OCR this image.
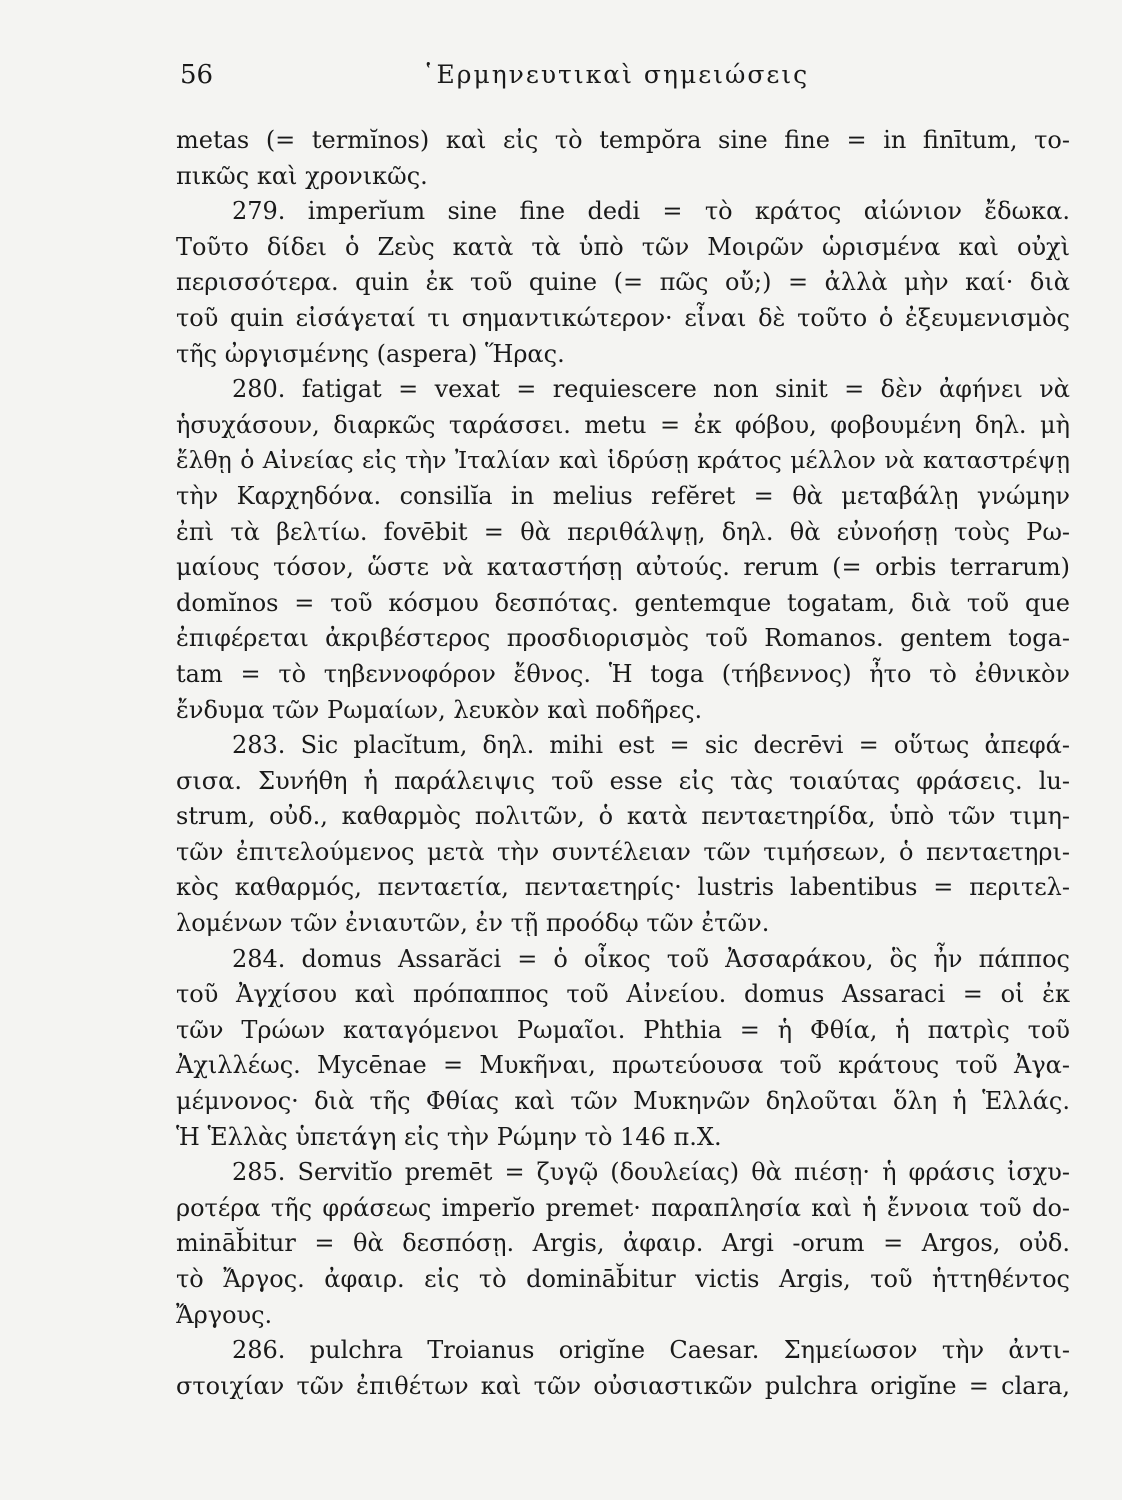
56	῾Ερμηνευτικαὶ σημειώσεις
metas (= termĭnos) καὶ εἰς τὸ tempŏra sine fine = in finītum, το-
πικῶς καὶ χρονικῶς.
279. imperĭum sine fine dedi = τὸ κράτος αἰώνιον ἔδωκα.
Τοῦτο δίδει ὁ Ζεὺς κατὰ τὰ ὑπὸ τῶν Μοιρῶν ὡρισμένα καὶ οὐχὶ
περισσότερα. quin ἐκ τοῦ quine (= πῶς οὔ;) = ἀλλὰ μὴν καί· διὰ
τοῦ quin εἰσάγεταί τι σημαντικώτερον· εἶναι δὲ τοῦτο ὁ ἐξευμενισμὸς
τῆς ὠργισμένης (aspera) Ἥρας.
280. fatigat = vexat = requiescere non sinit = δὲν ἀφήνει νὰ
ἡσυχάσουν, διαρκῶς ταράσσει. metu = ἐκ φόβου, φοβουμένη δηλ. μὴ
ἔλθῃ ὁ Αἰνείας εἰς τὴν Ἰταλίαν καὶ ἱδρύσῃ κράτος μέλλον νὰ καταστρέψῃ
τὴν Καρχηδόνα. consilĭa in melius refĕret = θὰ μεταβάλῃ γνώμην
ἐπὶ τὰ βελτίω. fovēbit = θὰ περιθάλψῃ, δηλ. θὰ εὐνοήσῃ τοὺς Ρω-
μαίους τόσον, ὥστε νὰ καταστήσῃ αὐτούς. rerum (= orbis terrarum)
domĭnos = τοῦ κόσμου δεσπότας. gentemque togatam, διὰ τοῦ que
ἐπιφέρεται ἀκριβέστερος προσδιορισμὸς τοῦ Romanos. gentem toga-
tam = τὸ τηβεννοφόρον ἔθνος. Ἡ toga (τήβεννος) ἦτο τὸ ἐθνικὸν
ἔνδυμα τῶν Ρωμαίων, λευκὸν καὶ ποδῆρες.
283. Sic placĭtum, δηλ. mihi est = sic decrēvi = οὕτως ἀπεφά-
σισα. Συνήθη ἡ παράλειψις τοῦ esse εἰς τὰς τοιαύτας φράσεις. lu-
strum, οὐδ., καθαρμὸς πολιτῶν, ὁ κατὰ πενταετηρίδα, ὑπὸ τῶν τιμη-
τῶν ἐπιτελούμενος μετὰ τὴν συντέλειαν τῶν τιμήσεων, ὁ πενταετηρι-
κὸς καθαρμός, πενταετία, πενταετηρίς· lustris labentibus = περιτελ-
λομένων τῶν ἐνιαυτῶν, ἐν τῇ προόδῳ τῶν ἐτῶν.
284. domus Assarăci = ὁ οἶκος τοῦ Ἀσσαράκου, ὃς ἦν πάππος
τοῦ Ἀγχίσου καὶ πρόπαππος τοῦ Αἰνείου. domus Assaraci = οἱ ἐκ
τῶν Τρώων καταγόμενοι Ρωμαῖοι. Phthia = ἡ Φθία, ἡ πατρὶς τοῦ
Ἀχιλλέως. Mycēnae = Μυκῆναι, πρωτεύουσα τοῦ κράτους τοῦ Ἀγα-
μέμνονος· διὰ τῆς Φθίας καὶ τῶν Μυκηνῶν δηλοῦται ὅλη ἡ Ἑλλάς.
Ἡ Ἑλλὰς ὑπετάγη εἰς τὴν Ρώμην τὸ 146 π.Χ.
285. Servitĭo premēt = ζυγῷ (δουλείας) θὰ πιέσῃ· ἡ φράσις ἰσχυ-
ροτέρα τῆς φράσεως imperĭo premet· παραπλησία καὶ ἡ ἔννοια τοῦ do-
mināb̆itur = θὰ δεσπόσῃ. Argis, ἀφαιρ. Argi -orum = Argos, οὐδ.
τὸ Ἄργος. ἀφαιρ. εἰς τὸ domināb̆itur victis Argis, τοῦ ἡττηθέντος
Ἄργους.
286. pulchra Troianus origĭne Caesar. Σημείωσον τὴν ἀντι-
στοιχίαν τῶν ἐπιθέτων καὶ τῶν οὐσιαστικῶν pulchra origĭne = clara,
